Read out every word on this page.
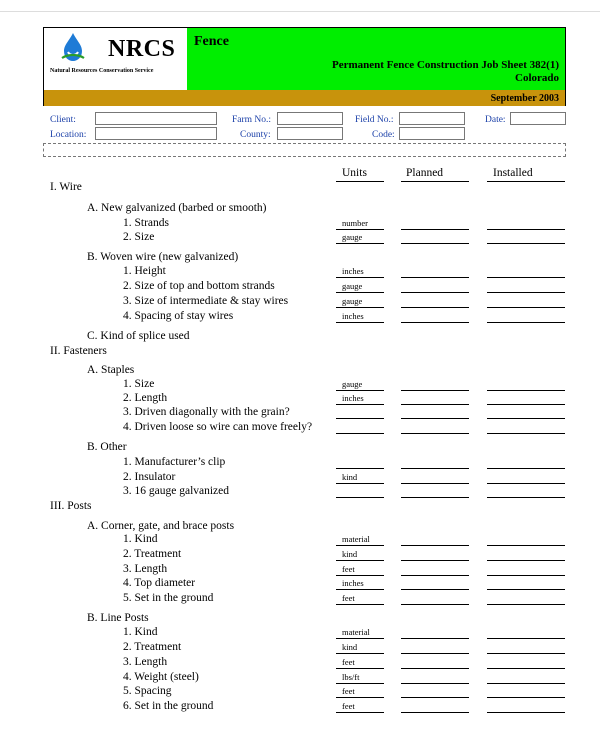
NRCS
Natural Resources Conservation Service
Fence
Permanent Fence Construction Job Sheet 382(1)
Colorado
September 2003
Client:	Farm No.:	Field No.:	Date:
Location:	County:	Code:
Units	Planned	Installed
I. Wire
A. New galvanized (barbed or smooth)
1. Strands	number
2. Size	gauge
B. Woven wire (new galvanized)
1. Height	inches
2. Size of top and bottom strands	gauge
3. Size of intermediate & stay wires	gauge
4. Spacing of stay wires	inches
C. Kind of splice used
II. Fasteners
A. Staples
1. Size	gauge
2. Length	inches
3. Driven diagonally with the grain?
4. Driven loose so wire can move freely?
B. Other
1. Manufacturer’s clip
2. Insulator	kind
3. 16 gauge galvanized
III. Posts
A. Corner, gate, and brace posts
1. Kind	material
2. Treatment	kind
3. Length	feet
4. Top diameter	inches
5. Set in the ground	feet
B. Line Posts
1. Kind	material
2. Treatment	kind
3. Length	feet
4. Weight (steel)	lbs/ft
5. Spacing	feet
6. Set in the ground	feet
